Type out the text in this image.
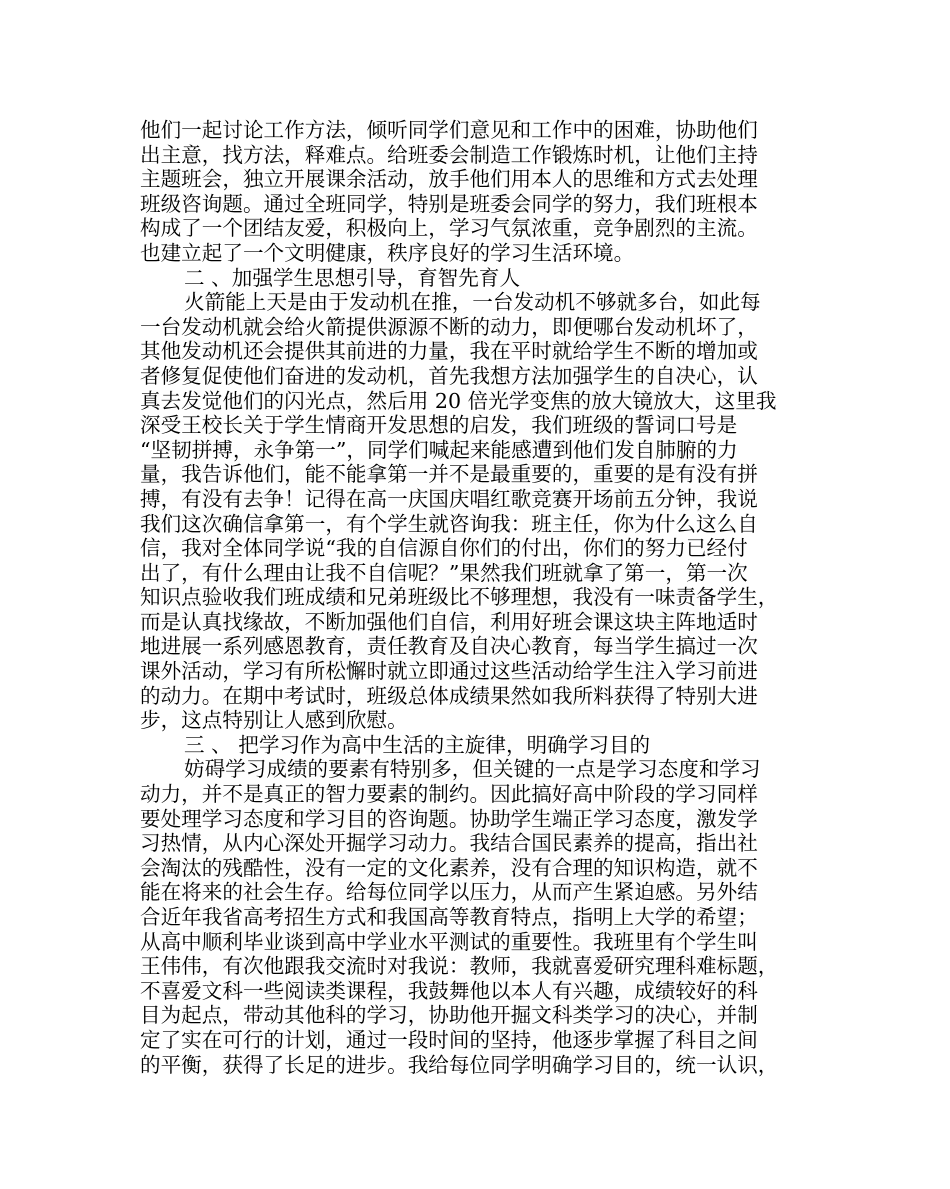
他们一起讨论工作方法，倾听同学们意见和工作中的困难，协助他们
出主意，找方法，释难点。给班委会制造工作锻炼时机，让他们主持
主题班会，独立开展课余活动，放手他们用本人的思维和方式去处理
班级咨询题。通过全班同学，特别是班委会同学的努力，我们班根本
构成了一个团结友爱，积极向上，学习气氛浓重，竞争剧烈的主流。
也建立起了一个文明健康，秩序良好的学习生活环境。
二 、加强学生思想引导，育智先育人
火箭能上天是由于发动机在推，一台发动机不够就多台，如此每
一台发动机就会给火箭提供源源不断的动力，即便哪台发动机坏了，
其他发动机还会提供其前进的力量，我在平时就给学生不断的增加或
者修复促使他们奋进的发动机，首先我想方法加强学生的自决心，认
真去发觉他们的闪光点，然后用 20 倍光学变焦的放大镜放大，这里我
深受王校长关于学生情商开发思想的启发，我们班级的誓词口号是
“坚韧拼搏，永争第一”，同学们喊起来能感遭到他们发自肺腑的力
量，我告诉他们，能不能拿第一并不是最重要的，重要的是有没有拼
搏，有没有去争！记得在高一庆国庆唱红歌竞赛开场前五分钟，我说
我们这次确信拿第一，有个学生就咨询我：班主任，你为什么这么自
信，我对全体同学说“我的自信源自你们的付出，你们的努力已经付
出了，有什么理由让我不自信呢？”果然我们班就拿了第一，第一次
知识点验收我们班成绩和兄弟班级比不够理想，我没有一味责备学生，
而是认真找缘故，不断加强他们自信，利用好班会课这块主阵地适时
地进展一系列感恩教育，责任教育及自决心教育，每当学生搞过一次
课外活动，学习有所松懈时就立即通过这些活动给学生注入学习前进
的动力。在期中考试时，班级总体成绩果然如我所料获得了特别大进
步，这点特别让人感到欣慰。
三 、 把学习作为高中生活的主旋律，明确学习目的
妨碍学习成绩的要素有特别多，但关键的一点是学习态度和学习
动力，并不是真正的智力要素的制约。因此搞好高中阶段的学习同样
要处理学习态度和学习目的咨询题。协助学生端正学习态度，激发学
习热情，从内心深处开掘学习动力。我结合国民素养的提高，指出社
会淘汰的残酷性，没有一定的文化素养，没有合理的知识构造，就不
能在将来的社会生存。给每位同学以压力，从而产生紧迫感。另外结
合近年我省高考招生方式和我国高等教育特点，指明上大学的希望；
从高中顺利毕业谈到高中学业水平测试的重要性。我班里有个学生叫
王伟伟，有次他跟我交流时对我说：教师，我就喜爱研究理科难标题，
不喜爱文科一些阅读类课程，我鼓舞他以本人有兴趣，成绩较好的科
目为起点，带动其他科的学习，协助他开掘文科类学习的决心，并制
定了实在可行的计划，通过一段时间的坚持，他逐步掌握了科目之间
的平衡，获得了长足的进步。我给每位同学明确学习目的，统一认识，
